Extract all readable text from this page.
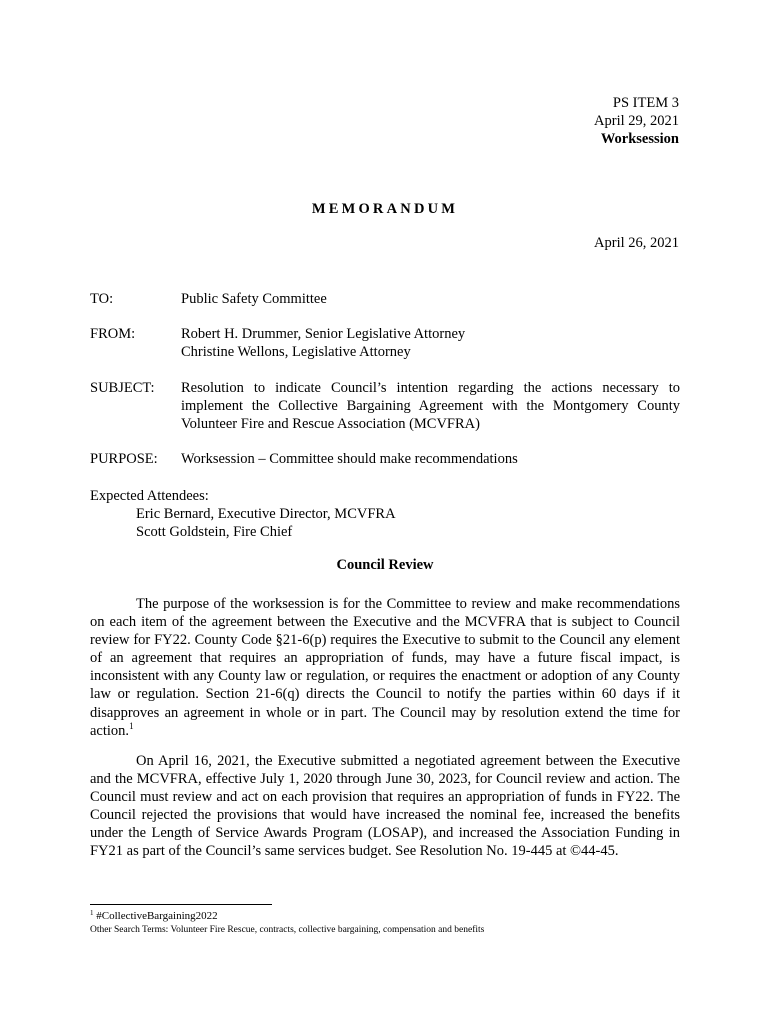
PS ITEM 3
April 29, 2021
Worksession
MEMORANDUM
April 26, 2021
TO:	Public Safety Committee
FROM:	Robert H. Drummer, Senior Legislative Attorney
Christine Wellons, Legislative Attorney
SUBJECT: Resolution to indicate Council’s intention regarding the actions necessary to implement the Collective Bargaining Agreement with the Montgomery County Volunteer Fire and Rescue Association (MCVFRA)
PURPOSE: Worksession – Committee should make recommendations
Expected Attendees:
Eric Bernard, Executive Director, MCVFRA
Scott Goldstein, Fire Chief
Council Review

The purpose of the worksession is for the Committee to review and make recommendations on each item of the agreement between the Executive and the MCVFRA that is subject to Council review for FY22. County Code §21-6(p) requires the Executive to submit to the Council any element of an agreement that requires an appropriation of funds, may have a future fiscal impact, is inconsistent with any County law or regulation, or requires the enactment or adoption of any County law or regulation. Section 21-6(q) directs the Council to notify the parties within 60 days if it disapproves an agreement in whole or in part. The Council may by resolution extend the time for action.$^1$

On April 16, 2021, the Executive submitted a negotiated agreement between the Executive and the MCVFRA, effective July 1, 2020 through June 30, 2023, for Council review and action. The Council must review and act on each provision that requires an appropriation of funds in FY22. The Council rejected the provisions that would have increased the nominal fee, increased the benefits under the Length of Service Awards Program (LOSAP), and increased the Association Funding in FY21 as part of the Council’s same services budget. See Resolution No. 19-445 at ©44-45.

$^1$ #CollectiveBargaining2022
Other Search Terms: Volunteer Fire Rescue, contracts, collective bargaining, compensation and benefits
